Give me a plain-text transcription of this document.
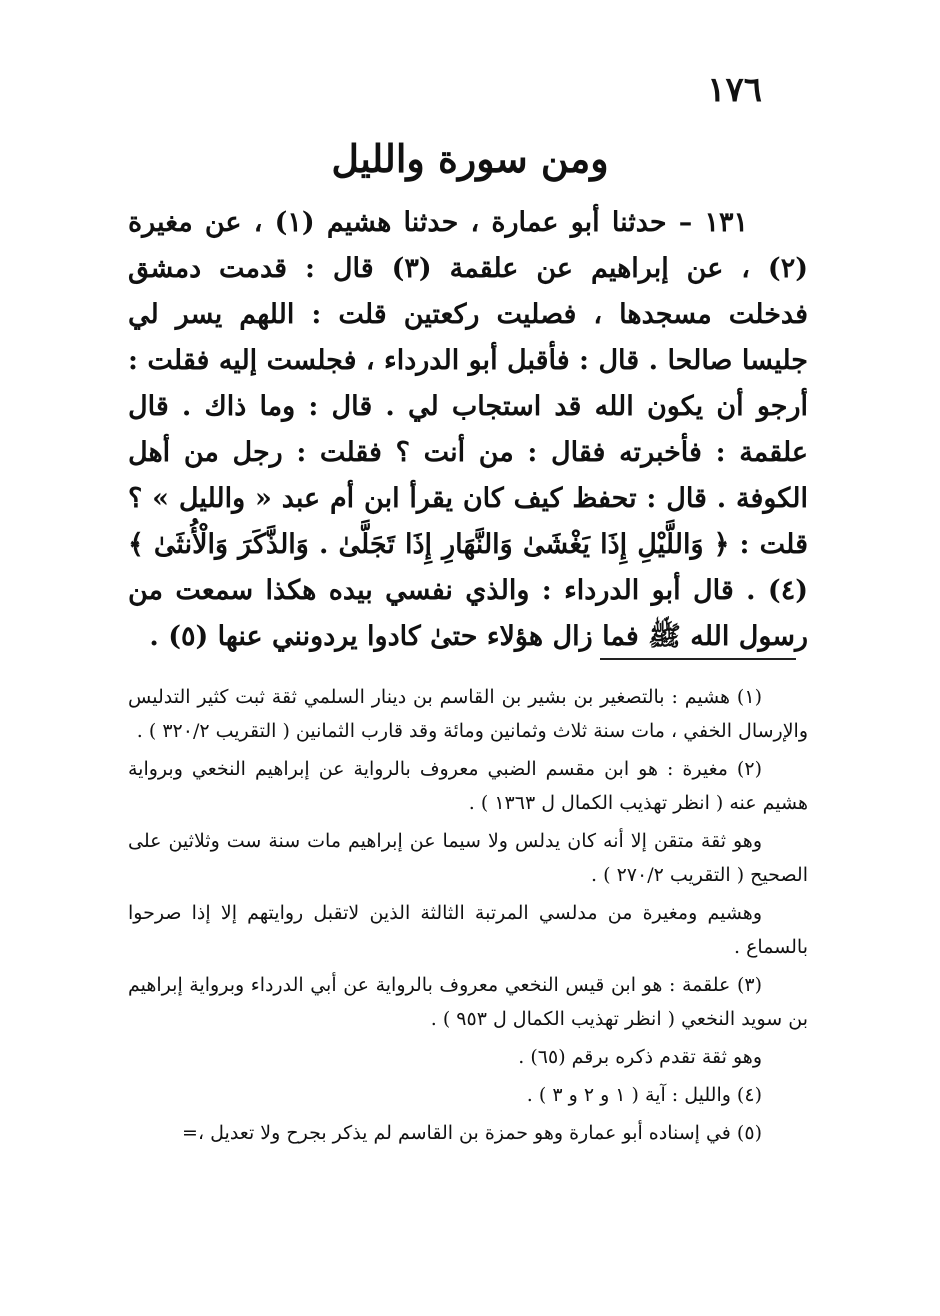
١٧٦
ومن سورة والليل

١٣١ – حدثنا أبو عمارة ، حدثنا هشيم (١) ، عن مغيرة (٢) ، عن إبراهيم عن علقمة (٣) قال : قدمت دمشق فدخلت مسجدها ، فصليت ركعتين قلت : اللهم يسر لي جليسا صالحا . قال : فأقبل أبو الدرداء ، فجلست إليه فقلت : أرجو أن يكون الله قد استجاب لي . قال : وما ذاك . قال علقمة : فأخبرته فقال : من أنت ؟ فقلت : رجل من أهل الكوفة . قال : تحفظ كيف كان يقرأ ابن أم عبد « والليل » ؟ قلت : ﴿ وَاللَّيْلِ إِذَا يَغْشَىٰ وَالنَّهَارِ إِذَا تَجَلَّىٰ . وَالذَّكَرَ وَالْأُنثَىٰ ﴾ (٤) . قال أبو الدرداء : والذي نفسي بيده هكذا سمعت من رسول الله ﷺ فما زال هؤلاء حتىٰ كادوا يردونني عنها (٥) .

(١) هشيم : بالتصغير بن بشير بن القاسم بن دينار السلمي ثقة ثبت كثير التدليس والإرسال الخفي ، مات سنة ثلاث وثمانين ومائة وقد قارب الثمانين ( التقريب ٣٢٠/٢ ) .

(٢) مغيرة : هو ابن مقسم الضبي معروف بالرواية عن إبراهيم النخعي وبرواية هشيم عنه ( انظر تهذيب الكمال ل ١٣٦٣ ) .

وهو ثقة متقن إلا أنه كان يدلس ولا سيما عن إبراهيم مات سنة ست وثلاثين على الصحيح ( التقريب ٢٧٠/٢ ) .

وهشيم ومغيرة من مدلسي المرتبة الثالثة الذين لاتقبل روايتهم إلا إذا صرحوا بالسماع .

(٣) علقمة : هو ابن قيس النخعي معروف بالرواية عن أبي الدرداء وبرواية إبراهيم بن سويد النخعي ( انظر تهذيب الكمال ل ٩٥٣ ) .

وهو ثقة تقدم ذكره برقم (٦٥) .

(٤) والليل : آية ( ١ و ٢ و ٣ ) .

(٥) في إسناده أبو عمارة وهو حمزة بن القاسم لم يذكر بجرح ولا تعديل ،=
